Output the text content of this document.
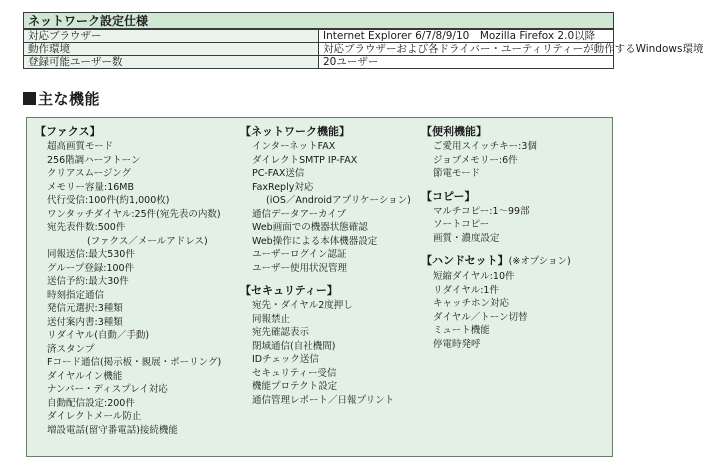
ネットワーク設定仕様	
対応ブラウザー	Internet Explorer 6/7/8/9/10　Mozilla Firefox 2.0以降
動作環境	対応ブラウザーおよび各ドライバー・ユーティリティーが動作するWindows環境
登録可能ユーザー数	20ユーザー
主な機能
【ファクス】
超高画質モード
256階調ハーフトーン
クリアスムージング
メモリー容量:16MB
代行受信:100件(約1,000枚)
ワンタッチダイヤル:25件(宛先表の内数)
宛先表件数:500件
(ファクス／メールアドレス)
同報送信:最大530件
グループ登録:100件
送信予約:最大30件
時刻指定通信
発信元選択:3種類
送付案内書:3種類
リダイヤル(自動／手動)
済スタンプ
Fコード通信(掲示板・親展・ポーリング)
ダイヤルイン機能
ナンバー・ディスプレイ対応
自動配信設定:200件
ダイレクトメール防止
増設電話(留守番電話)接続機能
【ネットワーク機能】
インターネットFAX
ダイレクトSMTP IP-FAX
PC-FAX送信
FaxReply対応
(iOS／Androidアプリケーション)
通信データアーカイブ
Web画面での機器状態確認
Web操作による本体機器設定
ユーザーログイン認証
ユーザー使用状況管理
【セキュリティー】
宛先・ダイヤル2度押し
同報禁止
宛先確認表示
閉域通信(自社機間)
IDチェック送信
セキュリティー受信
機能プロテクト設定
通信管理レポート／日報プリント
【便利機能】
ご愛用スイッチキー:3個
ジョブメモリー:6件
節電モード
【コピー】
マルチコピー:1〜99部
ソートコピー
画質・濃度設定
【ハンドセット】(※オプション)
短縮ダイヤル:10件
リダイヤル:1件
キャッチホン対応
ダイヤル／トーン切替
ミュート機能
停電時発呼
